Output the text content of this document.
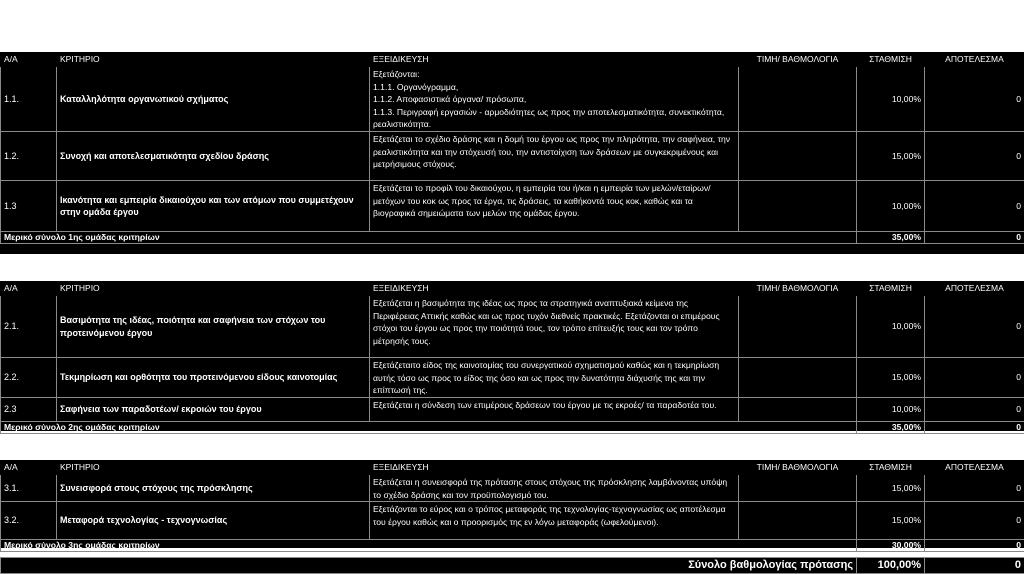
Α/Α	ΚΡΙΤΗΡΙΟ	ΕΞΕΙΔΙΚΕΥΣΗ	ΤΙΜΗ/ ΒΑΘΜΟΛΟΓΙΑ	ΣΤΑΘΜΙΣΗ	ΑΠΟΤΕΛΕΣΜΑ
1.1.	Καταλληλότητα οργανωτικού σχήματος	Εξετάζονται:
1.1.1. Οργανόγραμμα,
1.1.2. Αποφασιστικά όργανα/ πρόσωπα,
1.1.3. Περιγραφή εργασιών - αρμοδιότητες ως προς την αποτελεσματικότητα, συνεκτικότητα, ρεαλιστικότητα.		10,00%	0
1.2.	Συνοχή και αποτελεσματικότητα σχεδίου δράσης	Εξετάζεται το σχέδιο δράσης και η δομή του έργου ως προς την πληρότητα, την σαφήνεια, την ρεαλιστικότητα και την στόχευσή του, την αντιστοίχιση των δράσεων με συγκεκριμένους και μετρήσιμους στόχους.		15,00%	0
1.3	Ικανότητα και εμπειρία δικαιούχου και των ατόμων που συμμετέχουν στην ομάδα έργου	Εξετάζεται το προφίλ του δικαιούχου, η εμπειρία του ή/και η εμπειρία των μελών/εταίρων/μετόχων του κοκ ως προς τα έργα, τις δράσεις, τα καθήκοντά τους κοκ, καθώς και τα βιογραφικά σημειώματα των μελών της ομάδας έργου.		10,00%	0
Μερικό σύνολο 1ης ομάδας κριτηρίων				35,00%	0
Α/Α	ΚΡΙΤΗΡΙΟ	ΕΞΕΙΔΙΚΕΥΣΗ	ΤΙΜΗ/ ΒΑΘΜΟΛΟΓΙΑ	ΣΤΑΘΜΙΣΗ	ΑΠΟΤΕΛΕΣΜΑ
2.1.	Βασιμότητα της ιδέας, ποιότητα και σαφήνεια των στόχων του προτεινόμενου έργου	Εξετάζεται η βασιμότητα της ιδέας ως προς τα στρατηγικά αναπτυξιακά κείμενα της Περιφέρειας Αττικής καθώς και ως προς τυχόν διεθνείς πρακτικές. Εξετάζονται οι επιμέρους στόχοι του έργου ως προς την ποιότητά τους, τον τρόπο επίτευξής τους και τον τρόπο μέτρησής τους.		10,00%	0
2.2.	Τεκμηρίωση και ορθότητα του προτεινόμενου είδους καινοτομίας	Εξετάζεταιτο είδος της καινοτομίας του συνεργατικού σχηματισμού καθώς και η τεκμηρίωση αυτής τόσο ως προς το είδος της όσο και ως προς την δυνατότητα διάχυσής της και την επίπτωσή της.		15,00%	0
2.3	Σαφήνεια των παραδοτέων/ εκροιών του έργου	Εξετάζεται η σύνδεση των επιμέρους δράσεων του έργου με τις εκροές/ τα παραδοτέα του.		10,00%	0
Μερικό σύνολο 2ης ομάδας κριτηρίων				35,00%	0
Α/Α	ΚΡΙΤΗΡΙΟ	ΕΞΕΙΔΙΚΕΥΣΗ	ΤΙΜΗ/ ΒΑΘΜΟΛΟΓΙΑ	ΣΤΑΘΜΙΣΗ	ΑΠΟΤΕΛΕΣΜΑ
3.1.	Συνεισφορά στους στόχους της πρόσκλησης	Εξετάζεται η συνεισφορά της πρότασης στους στόχους της πρόσκλησης λαμβάνοντας υπόψη το σχέδιο δράσης και τον προϋπολογισμό του.		15,00%	0
3.2.	Μεταφορά τεχνολογίας - τεχνογνωσίας	Εξετάζονται το εύρος και ο τρόπος μεταφοράς της τεχνολογίας-τεχνογνωσίας ως αποτέλεσμα του έργου καθώς και ο προορισμός της εν λόγω μεταφοράς (ωφελούμενοι).		15,00%	0
Μερικό σύνολο 3ης ομάδας κριτηρίων				30,00%	0
Σύνολο βαθμολογίας πρότασης	100,00%	0
